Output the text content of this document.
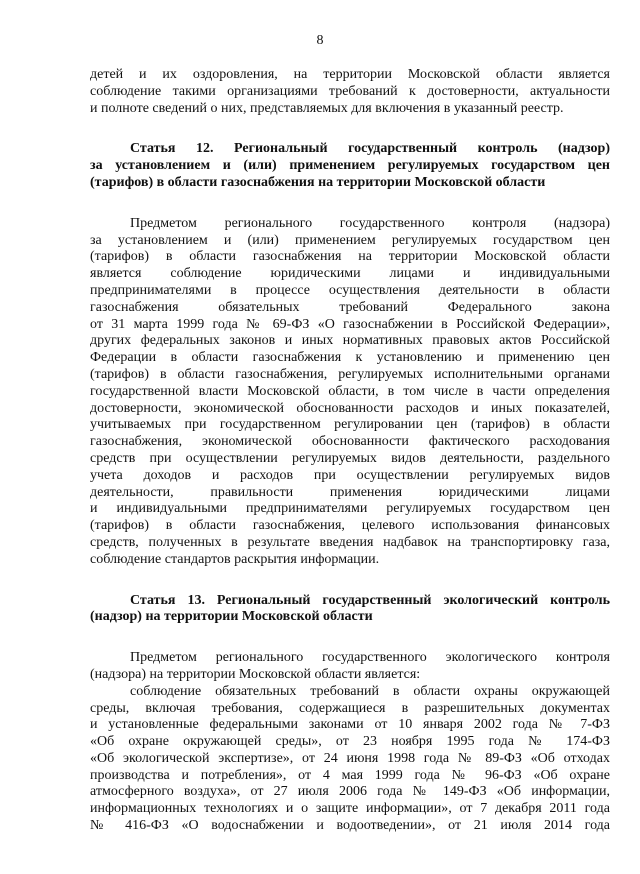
8

детей и их оздоровления, на территории Московской области является

соблюдение такими организациями требований к достоверности, актуальности

и полноте сведений о них, представляемых для включения в указанный реестр.

Статья 12. Региональный государственный контроль (надзор)

за установлением и (или) применением регулируемых государством цен

(тарифов) в области газоснабжения на территории Московской области

Предметом регионального государственного контроля (надзора)

за установлением и (или) применением регулируемых государством цен

(тарифов) в области газоснабжения на территории Московской области

является соблюдение юридическими лицами и индивидуальными

предпринимателями в процессе осуществления деятельности в области

газоснабжения обязательных требований Федерального закона

от 31 марта 1999 года № 69-ФЗ «О газоснабжении в Российской Федерации»,

других федеральных законов и иных нормативных правовых актов Российской

Федерации в области газоснабжения к установлению и применению цен

(тарифов) в области газоснабжения, регулируемых исполнительными органами

государственной власти Московской области, в том числе в части определения

достоверности, экономической обоснованности расходов и иных показателей,

учитываемых при государственном регулировании цен (тарифов) в области

газоснабжения, экономической обоснованности фактического расходования

средств при осуществлении регулируемых видов деятельности, раздельного

учета доходов и расходов при осуществлении регулируемых видов

деятельности, правильности применения юридическими лицами

и индивидуальными предпринимателями регулируемых государством цен

(тарифов) в области газоснабжения, целевого использования финансовых

средств, полученных в результате введения надбавок на транспортировку газа,

соблюдение стандартов раскрытия информации.

Статья 13. Региональный государственный экологический контроль

(надзор) на территории Московской области

Предметом регионального государственного экологического контроля

(надзора) на территории Московской области является:

соблюдение обязательных требований в области охраны окружающей

среды, включая требования, содержащиеся в разрешительных документах

и установленные федеральными законами от 10 января 2002 года № 7-ФЗ

«Об охране окружающей среды», от 23 ноября 1995 года № 174-ФЗ

«Об экологической экспертизе», от 24 июня 1998 года № 89-ФЗ «Об отходах

производства и потребления», от 4 мая 1999 года № 96-ФЗ «Об охране

атмосферного воздуха», от 27 июля 2006 года № 149-ФЗ «Об информации,

информационных технологиях и о защите информации», от 7 декабря 2011 года

№ 416-ФЗ «О водоснабжении и водоотведении», от 21 июля 2014 года
